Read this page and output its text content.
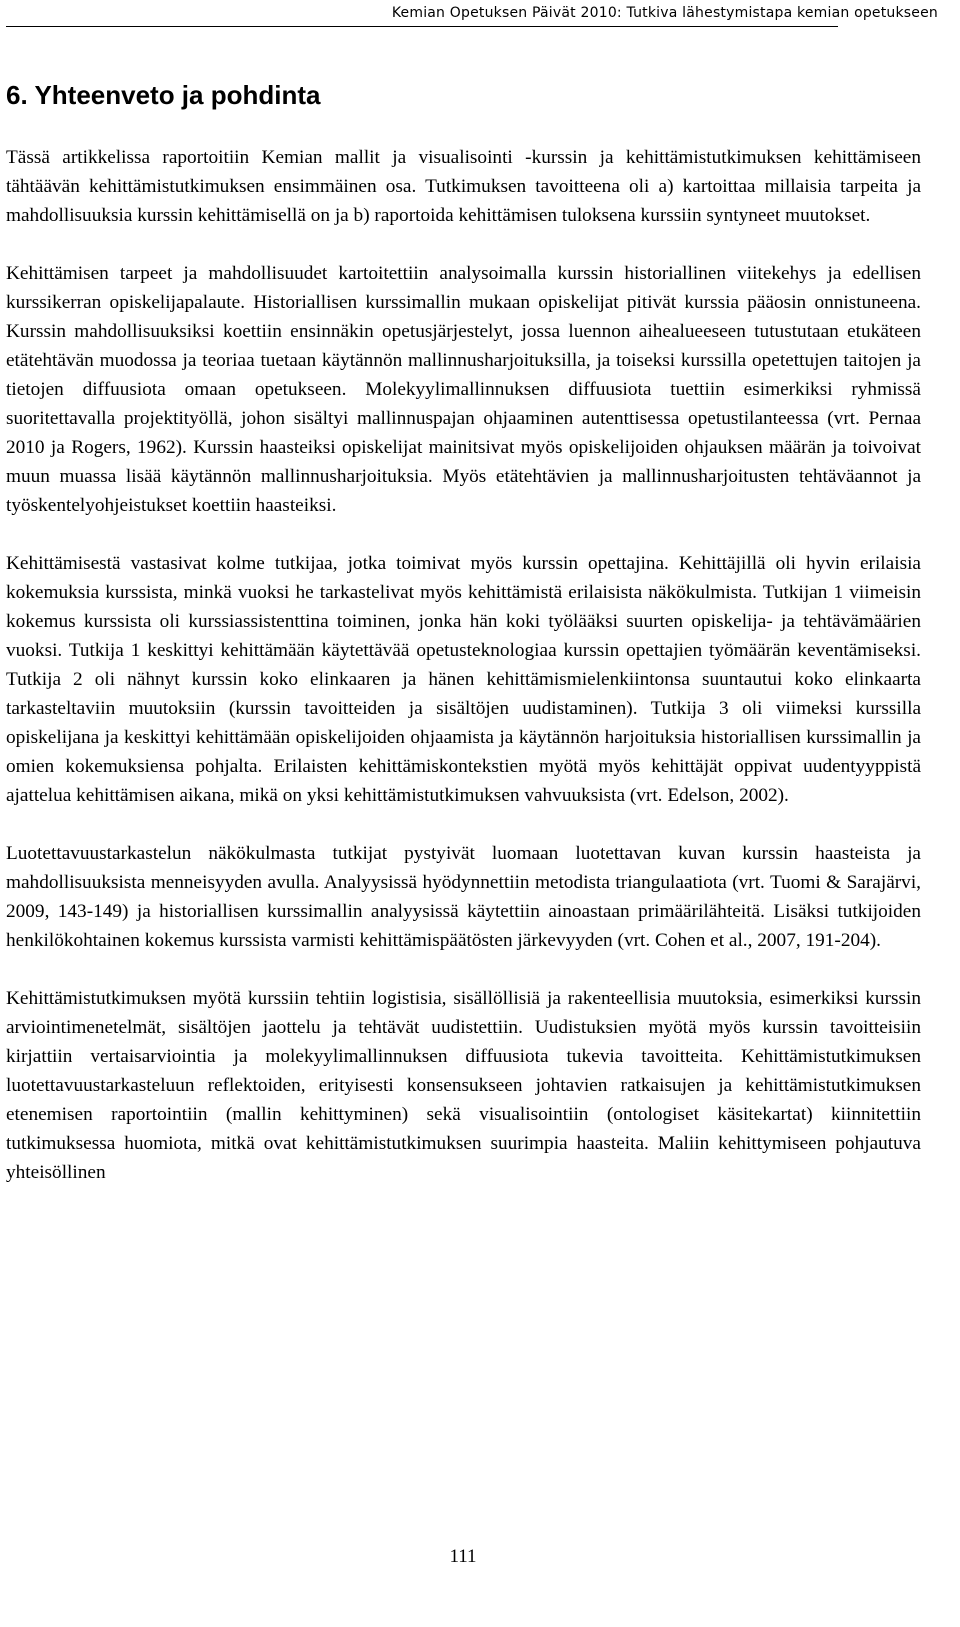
Kemian Opetuksen Päivät 2010: Tutkiva lähestymistapa kemian opetukseen
6. Yhteenveto ja pohdinta

Tässä artikkelissa raportoitiin Kemian mallit ja visualisointi -kurssin ja kehittämistutkimuksen kehittämiseen tähtäävän kehittämistutkimuksen ensimmäinen osa. Tutkimuksen tavoitteena oli a) kartoittaa millaisia tarpeita ja mahdollisuuksia kurssin kehittämisellä on ja b) raportoida kehittämisen tuloksena kurssiin syntyneet muutokset.

Kehittämisen tarpeet ja mahdollisuudet kartoitettiin analysoimalla kurssin historiallinen viitekehys ja edellisen kurssikerran opiskelijapalaute. Historiallisen kurssimallin mukaan opiskelijat pitivät kurssia pääosin onnistuneena. Kurssin mahdollisuuksiksi koettiin ensinnäkin opetusjärjestelyt, jossa luennon aihealueeseen tutustutaan etukäteen etätehtävän muodossa ja teoriaa tuetaan käytännön mallinnusharjoituksilla, ja toiseksi kurssilla opetettujen taitojen ja tietojen diffuusiota omaan opetukseen. Molekyylimallinnuksen diffuusiota tuettiin esimerkiksi ryhmissä suoritettavalla projektityöllä, johon sisältyi mallinnuspajan ohjaaminen autenttisessa opetustilanteessa (vrt. Pernaa 2010 ja Rogers, 1962). Kurssin haasteiksi opiskelijat mainitsivat myös opiskelijoiden ohjauksen määrän ja toivoivat muun muassa lisää käytännön mallinnusharjoituksia. Myös etätehtävien ja mallinnusharjoitusten tehtäväannot ja työskentelyohjeistukset koettiin haasteiksi.

Kehittämisestä vastasivat kolme tutkijaa, jotka toimivat myös kurssin opettajina. Kehittäjillä oli hyvin erilaisia kokemuksia kurssista, minkä vuoksi he tarkastelivat myös kehittämistä erilaisista näkökulmista. Tutkijan 1 viimeisin kokemus kurssista oli kurssiassistenttina toiminen, jonka hän koki työlääksi suurten opiskelija- ja tehtävämäärien vuoksi. Tutkija 1 keskittyi kehittämään käytettävää opetusteknologiaa kurssin opettajien työmäärän keventämiseksi. Tutkija 2 oli nähnyt kurssin koko elinkaaren ja hänen kehittämismielenkiintonsa suuntautui koko elinkaarta tarkasteltaviin muutoksiin (kurssin tavoitteiden ja sisältöjen uudistaminen). Tutkija 3 oli viimeksi kurssilla opiskelijana ja keskittyi kehittämään opiskelijoiden ohjaamista ja käytännön harjoituksia historiallisen kurssimallin ja omien kokemuksiensa pohjalta. Erilaisten kehittämiskontekstien myötä myös kehittäjät oppivat uudentyyppistä ajattelua kehittämisen aikana, mikä on yksi kehittämistutkimuksen vahvuuksista (vrt. Edelson, 2002).

Luotettavuustarkastelun näkökulmasta tutkijat pystyivät luomaan luotettavan kuvan kurssin haasteista ja mahdollisuuksista menneisyyden avulla. Analyysissä hyödynnettiin metodista triangulaatiota (vrt. Tuomi & Sarajärvi, 2009, 143-149) ja historiallisen kurssimallin analyysissä käytettiin ainoastaan primäärilähteitä. Lisäksi tutkijoiden henkilökohtainen kokemus kurssista varmisti kehittämispäätösten järkevyyden (vrt. Cohen et al., 2007, 191-204).

Kehittämistutkimuksen myötä kurssiin tehtiin logistisia, sisällöllisiä ja rakenteellisia muutoksia, esimerkiksi kurssin arviointimenetelmät, sisältöjen jaottelu ja tehtävät uudistettiin. Uudistuksien myötä myös kurssin tavoitteisiin kirjattiin vertaisarviointia ja molekyylimallinnuksen diffuusiota tukevia tavoitteita. Kehittämistutkimuksen luotettavuustarkasteluun reflektoiden, erityisesti konsensukseen johtavien ratkaisujen ja kehittämistutkimuksen etenemisen raportointiin (mallin kehittyminen) sekä visualisointiin (ontologiset käsitekartat) kiinnitettiin tutkimuksessa huomiota, mitkä ovat kehittämistutkimuksen suurimpia haasteita. Maliin kehittymiseen pohjautuva yhteisöllinen

111
